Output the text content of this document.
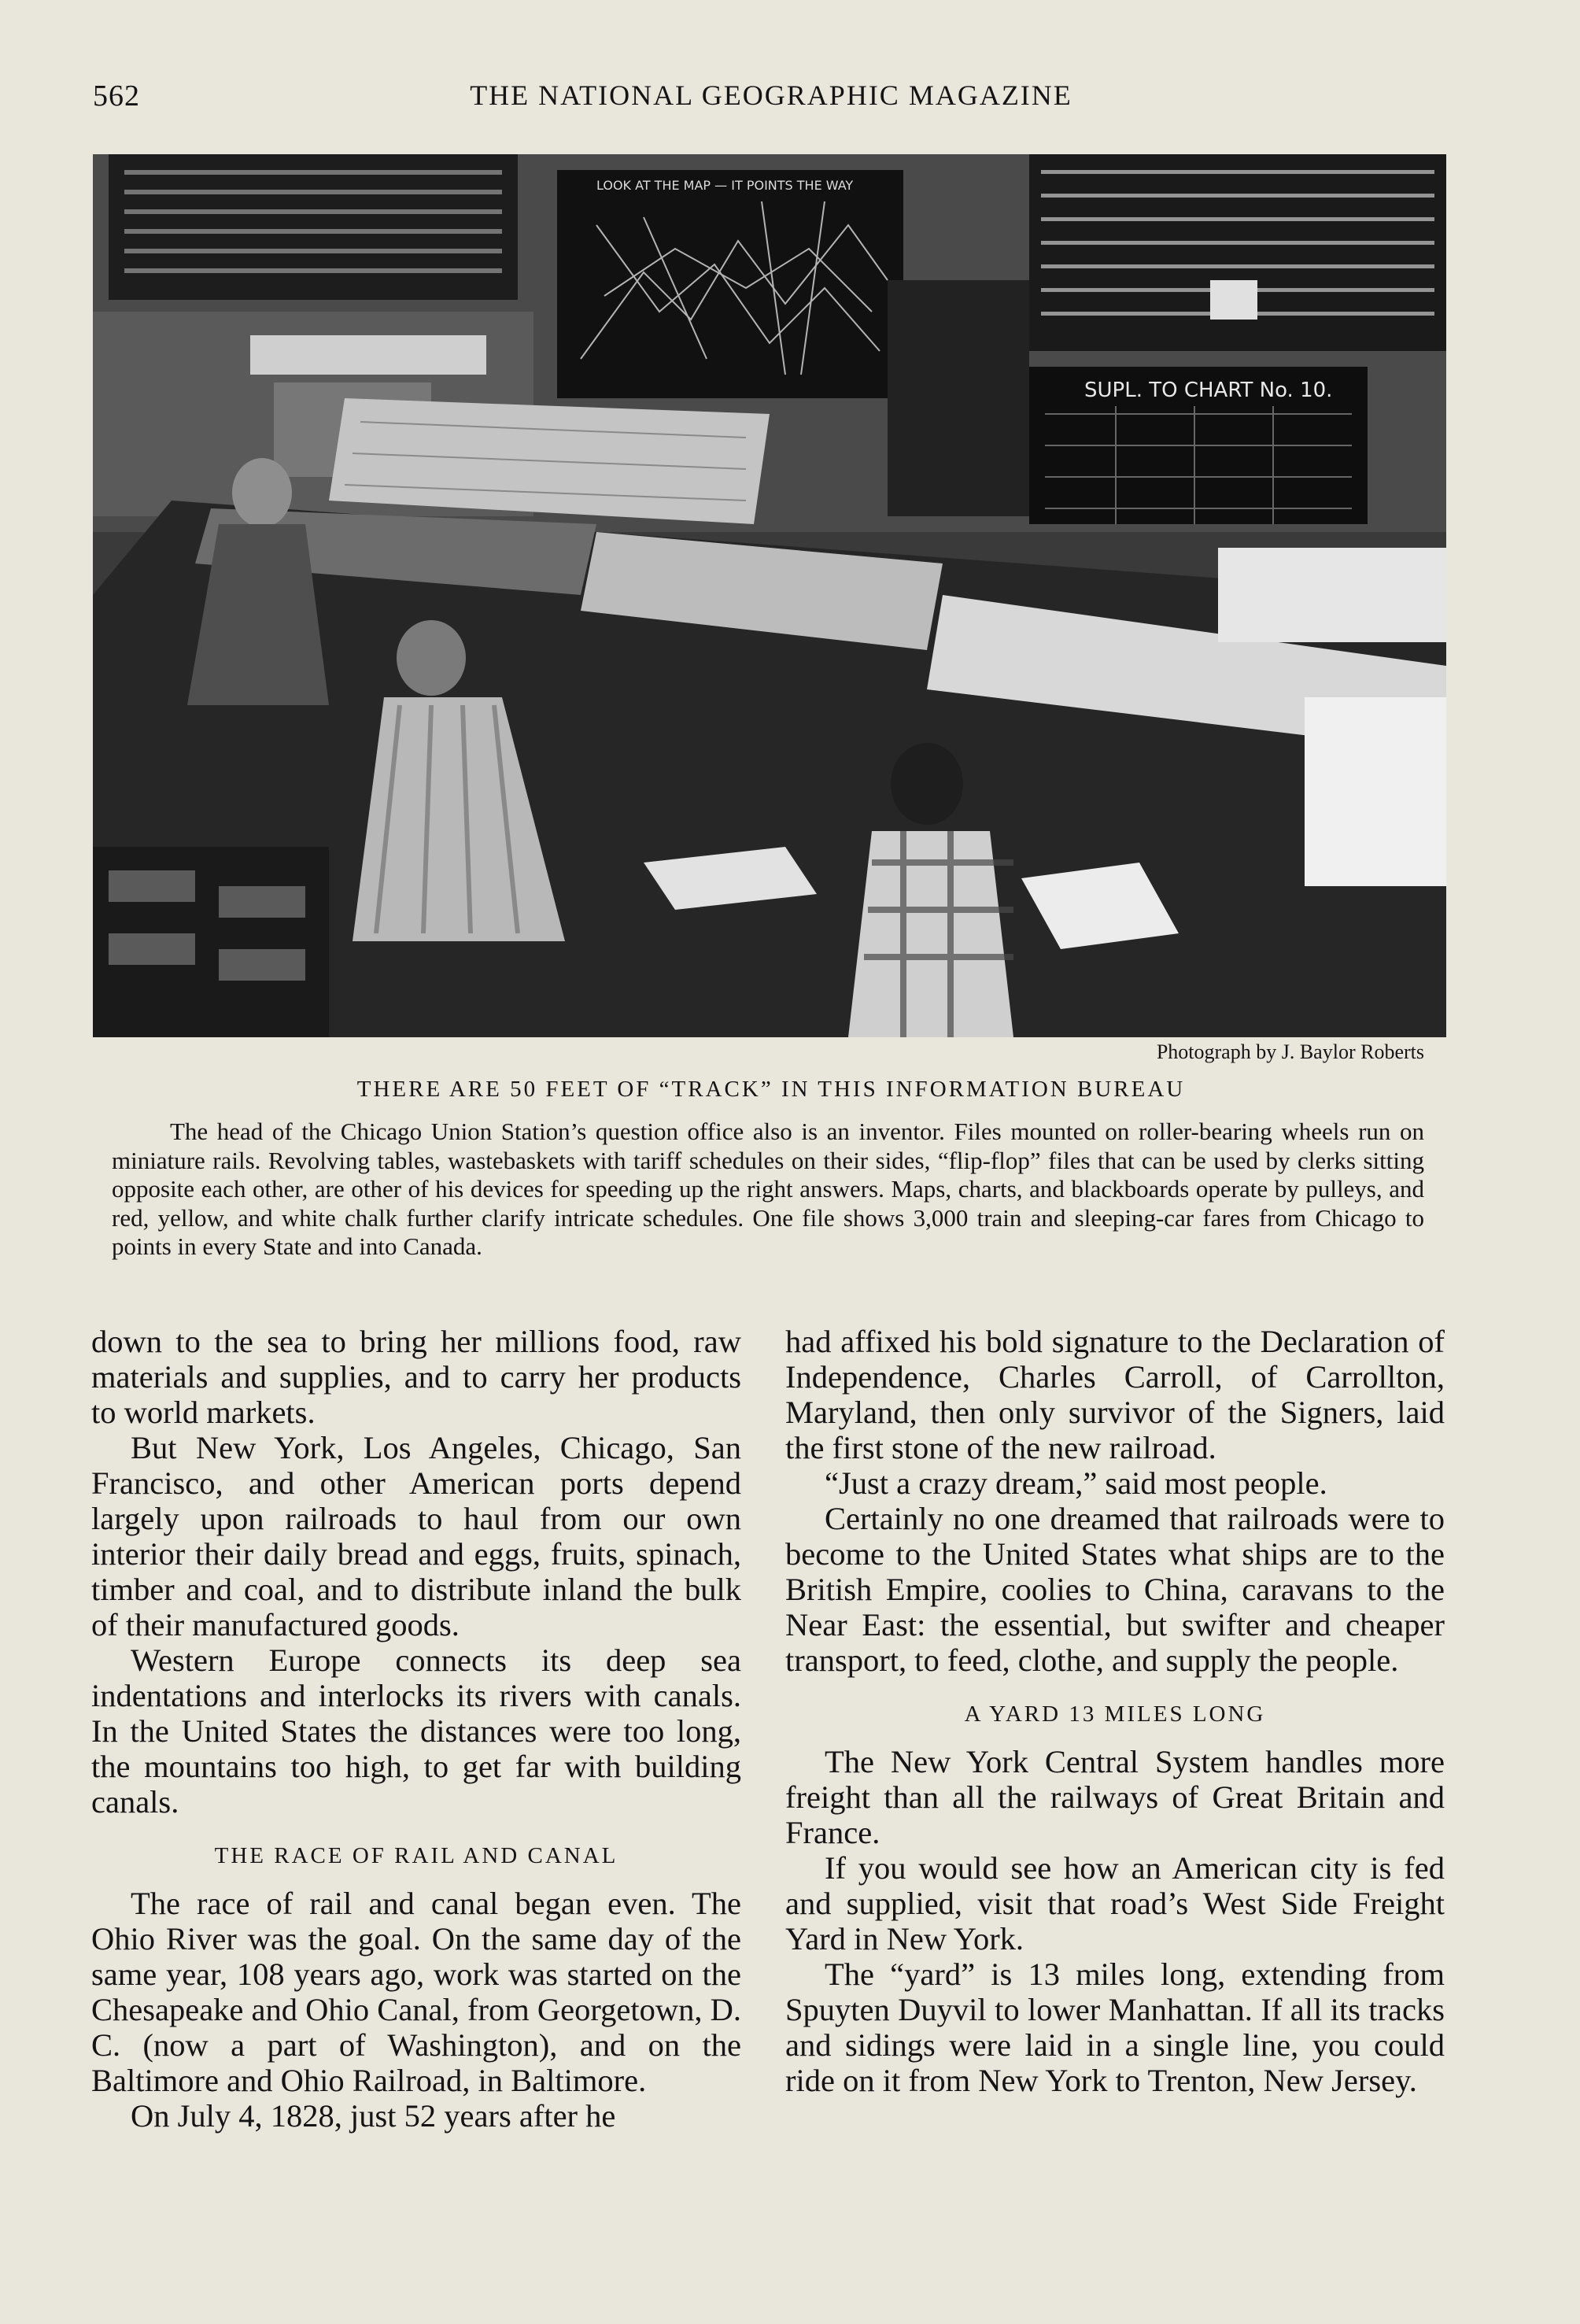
562	THE NATIONAL GEOGRAPHIC MAGAZINE
LOOK AT THE MAP — IT POINTS THE WAY
SUPL. TO CHART No. 10.
Photograph by J. Baylor Roberts
THERE ARE 50 FEET OF “TRACK” IN THIS INFORMATION BUREAU
The head of the Chicago Union Station’s question office also is an inventor. Files mounted on roller-bearing wheels run on miniature rails. Revolving tables, wastebaskets with tariff schedules on their sides, “flip-flop” files that can be used by clerks sitting opposite each other, are other of his devices for speeding up the right answers. Maps, charts, and blackboards operate by pulleys, and red, yellow, and white chalk further clarify intricate schedules. One file shows 3,000 train and sleeping-car fares from Chicago to points in every State and into Canada.

down to the sea to bring her millions food, raw materials and supplies, and to carry her products to world markets.

But New York, Los Angeles, Chicago, San Francisco, and other American ports depend largely upon railroads to haul from our own interior their daily bread and eggs, fruits, spinach, timber and coal, and to distribute inland the bulk of their manufactured goods.

Western Europe connects its deep sea indentations and interlocks its rivers with canals. In the United States the distances were too long, the mountains too high, to get far with building canals.

THE RACE OF RAIL AND CANAL

The race of rail and canal began even. The Ohio River was the goal. On the same day of the same year, 108 years ago, work was started on the Chesapeake and Ohio Canal, from Georgetown, D. C. (now a part of Washington), and on the Baltimore and Ohio Railroad, in Baltimore.

On July 4, 1828, just 52 years after he

had affixed his bold signature to the Declaration of Independence, Charles Carroll, of Carrollton, Maryland, then only survivor of the Signers, laid the first stone of the new railroad.

“Just a crazy dream,” said most people.

Certainly no one dreamed that railroads were to become to the United States what ships are to the British Empire, coolies to China, caravans to the Near East: the essential, but swifter and cheaper transport, to feed, clothe, and supply the people.

A YARD 13 MILES LONG

The New York Central System handles more freight than all the railways of Great Britain and France.

If you would see how an American city is fed and supplied, visit that road’s West Side Freight Yard in New York.

The “yard” is 13 miles long, extending from Spuyten Duyvil to lower Manhattan. If all its tracks and sidings were laid in a single line, you could ride on it from New York to Trenton, New Jersey.
